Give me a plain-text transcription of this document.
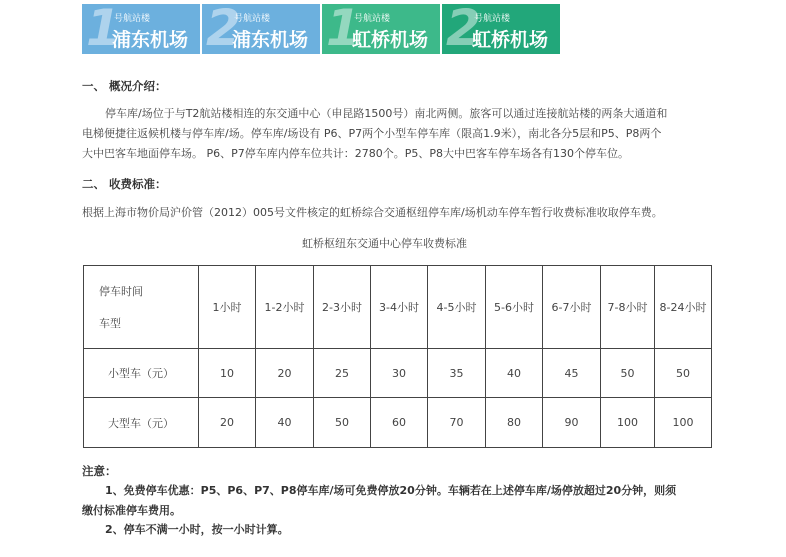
1
号航站楼
浦东机场 2
号航站楼
浦东机场 1
号航站楼
虹桥机场 2
号航站楼
虹桥机场
一、 概况介绍：
停车库/场位于与T2航站楼相连的东交通中心（申昆路1500号）南北两侧。旅客可以通过连接航站楼的两条大通道和
电梯便捷往返候机楼与停车库/场。停车库/场设有 P6、P7两个小型车停车库（限高1.9米），南北各分5层和P5、P8两个
大中巴客车地面停车场。 P6、P7停车库内停车位共计：2780个。P5、P8大中巴客车停车场各有130个停车位。
二、 收费标准：
根据上海市物价局沪价管（2012）005号文件核定的虹桥综合交通枢纽停车库/场机动车停车暂行收费标准收取停车费。
虹桥枢纽东交通中心停车收费标准
停车时间
车型	1小时	1-2小时	2-3小时	3-4小时	4-5小时	5-6小时	6-7小时	7-8小时	8-24小时
小型车（元）	10	20	25	30	35	40	45	50	50
大型车（元）	20	40	50	60	70	80	90	100	100
注意：
1、免费停车优惠：P5、P6、P7、P8停车库/场可免费停放20分钟。车辆若在上述停车库/场停放超过20分钟，则须
缴付标准停车费用。
2、停车不满一小时，按一小时计算。
